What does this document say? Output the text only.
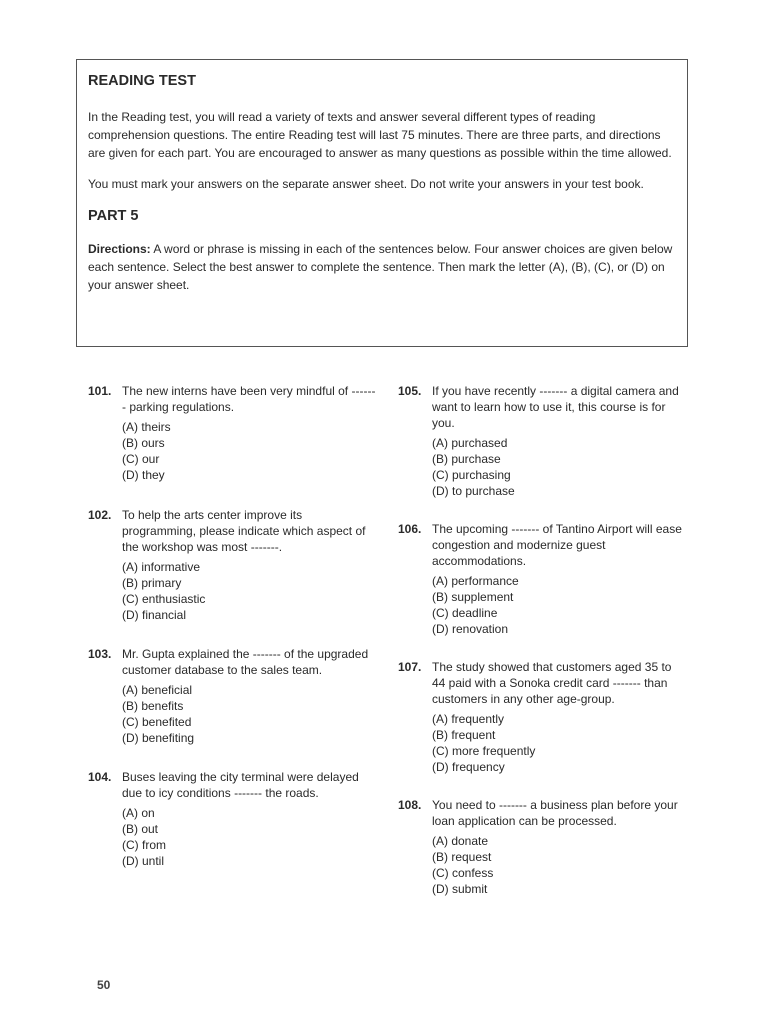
READING TEST

In the Reading test, you will read a variety of texts and answer several different types of reading comprehension questions. The entire Reading test will last 75 minutes. There are three parts, and directions are given for each part. You are encouraged to answer as many questions as possible within the time allowed.

You must mark your answers on the separate answer sheet. Do not write your answers in your test book.

PART 5

Directions: A word or phrase is missing in each of the sentences below. Four answer choices are given below each sentence. Select the best answer to complete the sentence. Then mark the letter (A), (B), (C), or (D) on your answer sheet.

101. The new interns have been very mindful of ------- parking regulations.
(A) theirs
(B) ours
(C) our
(D) they
102. To help the arts center improve its programming, please indicate which aspect of the workshop was most -------.
(A) informative
(B) primary
(C) enthusiastic
(D) financial
103. Mr. Gupta explained the ------- of the upgraded customer database to the sales team.
(A) beneficial
(B) benefits
(C) benefited
(D) benefiting
104. Buses leaving the city terminal were delayed due to icy conditions ------- the roads.
(A) on
(B) out
(C) from
(D) until
105. If you have recently ------- a digital camera and want to learn how to use it, this course is for you.
(A) purchased
(B) purchase
(C) purchasing
(D) to purchase
106. The upcoming ------- of Tantino Airport will ease congestion and modernize guest accommodations.
(A) performance
(B) supplement
(C) deadline
(D) renovation
107. The study showed that customers aged 35 to 44 paid with a Sonoka credit card ------- than customers in any other age-group.
(A) frequently
(B) frequent
(C) more frequently
(D) frequency
108. You need to ------- a business plan before your loan application can be processed.
(A) donate
(B) request
(C) confess
(D) submit
50
